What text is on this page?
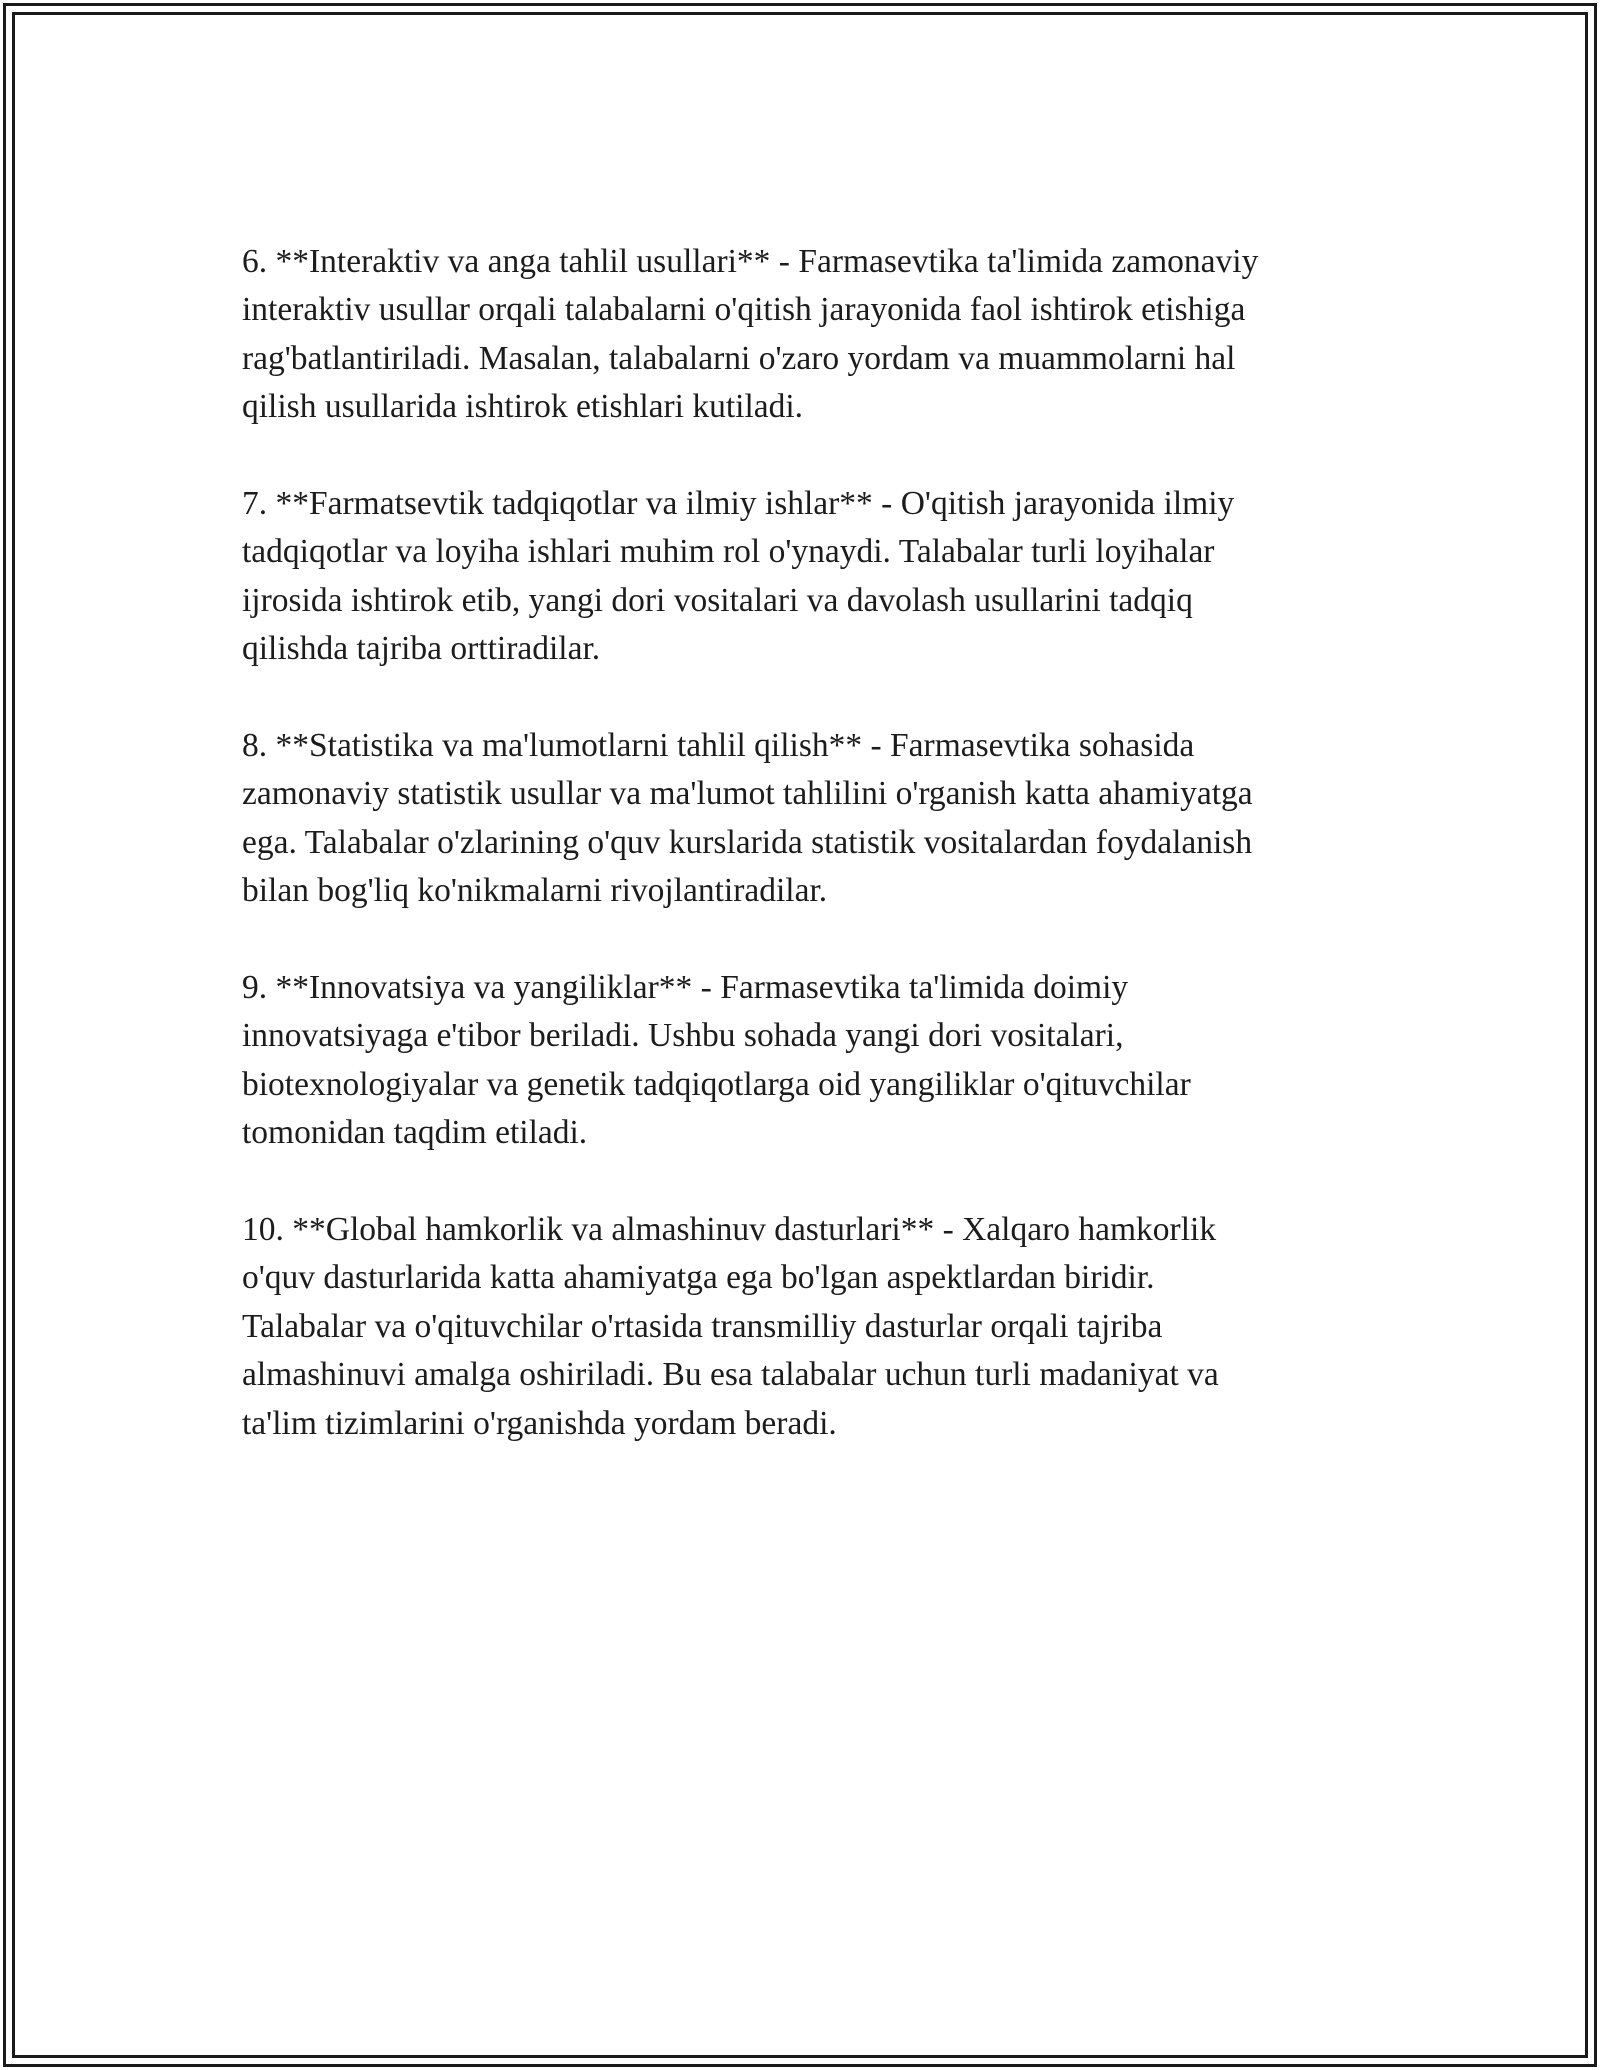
6. **Interaktiv va anga tahlil usullari** - Farmasevtika ta'limida zamonaviy
interaktiv usullar orqali talabalarni o'qitish jarayonida faol ishtirok etishiga
rag'batlantiriladi. Masalan, talabalarni o'zaro yordam va muammolarni hal
qilish usullarida ishtirok etishlari kutiladi.

7. **Farmatsevtik tadqiqotlar va ilmiy ishlar** - O'qitish jarayonida ilmiy
tadqiqotlar va loyiha ishlari muhim rol o'ynaydi. Talabalar turli loyihalar
ijrosida ishtirok etib, yangi dori vositalari va davolash usullarini tadqiq
qilishda tajriba orttiradilar.

8. **Statistika va ma'lumotlarni tahlil qilish** - Farmasevtika sohasida
zamonaviy statistik usullar va ma'lumot tahlilini o'rganish katta ahamiyatga
ega. Talabalar o'zlarining o'quv kurslarida statistik vositalardan foydalanish
bilan bog'liq ko'nikmalarni rivojlantiradilar.

9. **Innovatsiya va yangiliklar** - Farmasevtika ta'limida doimiy
innovatsiyaga e'tibor beriladi. Ushbu sohada yangi dori vositalari,
biotexnologiyalar va genetik tadqiqotlarga oid yangiliklar o'qituvchilar
tomonidan taqdim etiladi.

10. **Global hamkorlik va almashinuv dasturlari** - Xalqaro hamkorlik
o'quv dasturlarida katta ahamiyatga ega bo'lgan aspektlardan biridir.
Talabalar va o'qituvchilar o'rtasida transmilliy dasturlar orqali tajriba
almashinuvi amalga oshiriladi. Bu esa talabalar uchun turli madaniyat va
ta'lim tizimlarini o'rganishda yordam beradi.
